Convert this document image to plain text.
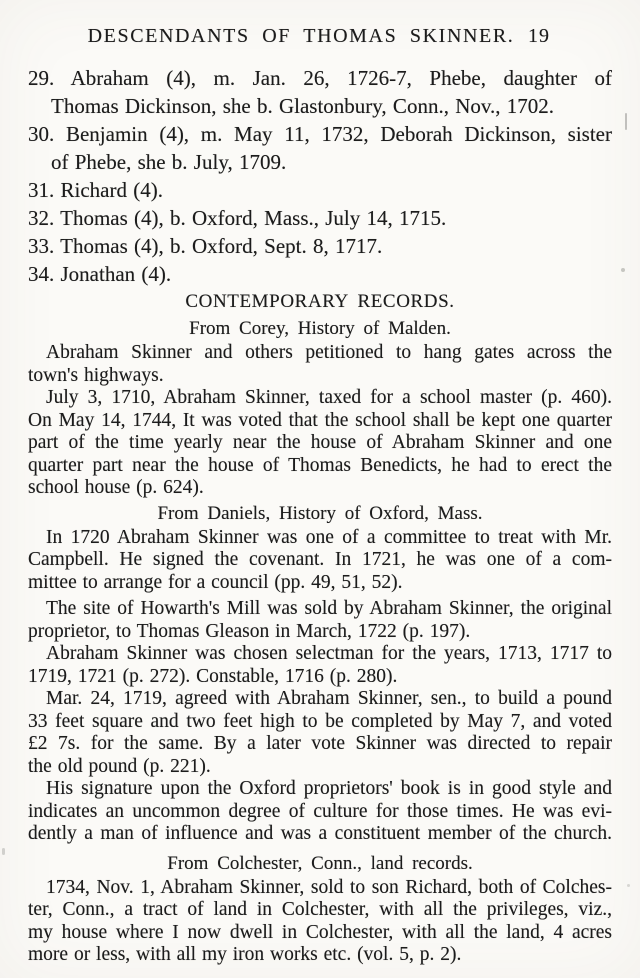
DESCENDANTS OF THOMAS SKINNER. 19
29. Abraham (4), m. Jan. 26, 1726-7, Phebe, daughter of
Thomas Dickinson, she b. Glastonbury, Conn., Nov., 1702.
30. Benjamin (4), m. May 11, 1732, Deborah Dickinson, sister
of Phebe, she b. July, 1709.
31. Richard (4).
32. Thomas (4), b. Oxford, Mass., July 14, 1715.
33. Thomas (4), b. Oxford, Sept. 8, 1717.
34. Jonathan (4).
CONTEMPORARY RECORDS.
From Corey, History of Malden.
Abraham Skinner and others petitioned to hang gates across the
town's highways.
July 3, 1710, Abraham Skinner, taxed for a school master (p. 460).
On May 14, 1744, It was voted that the school shall be kept one quarter
part of the time yearly near the house of Abraham Skinner and one
quarter part near the house of Thomas Benedicts, he had to erect the
school house (p. 624).
From Daniels, History of Oxford, Mass.
In 1720 Abraham Skinner was one of a committee to treat with Mr.
Campbell. He signed the covenant. In 1721, he was one of a com-
mittee to arrange for a council (pp. 49, 51, 52).
The site of Howarth's Mill was sold by Abraham Skinner, the original
proprietor, to Thomas Gleason in March, 1722 (p. 197).
Abraham Skinner was chosen selectman for the years, 1713, 1717 to
1719, 1721 (p. 272). Constable, 1716 (p. 280).
Mar. 24, 1719, agreed with Abraham Skinner, sen., to build a pound
33 feet square and two feet high to be completed by May 7, and voted
£2 7s. for the same. By a later vote Skinner was directed to repair
the old pound (p. 221).
His signature upon the Oxford proprietors' book is in good style and
indicates an uncommon degree of culture for those times. He was evi-
dently a man of influence and was a constituent member of the church.
From Colchester, Conn., land records.
1734, Nov. 1, Abraham Skinner, sold to son Richard, both of Colches-
ter, Conn., a tract of land in Colchester, with all the privileges, viz.,
my house where I now dwell in Colchester, with all the land, 4 acres
more or less, with all my iron works etc. (vol. 5, p. 2).
